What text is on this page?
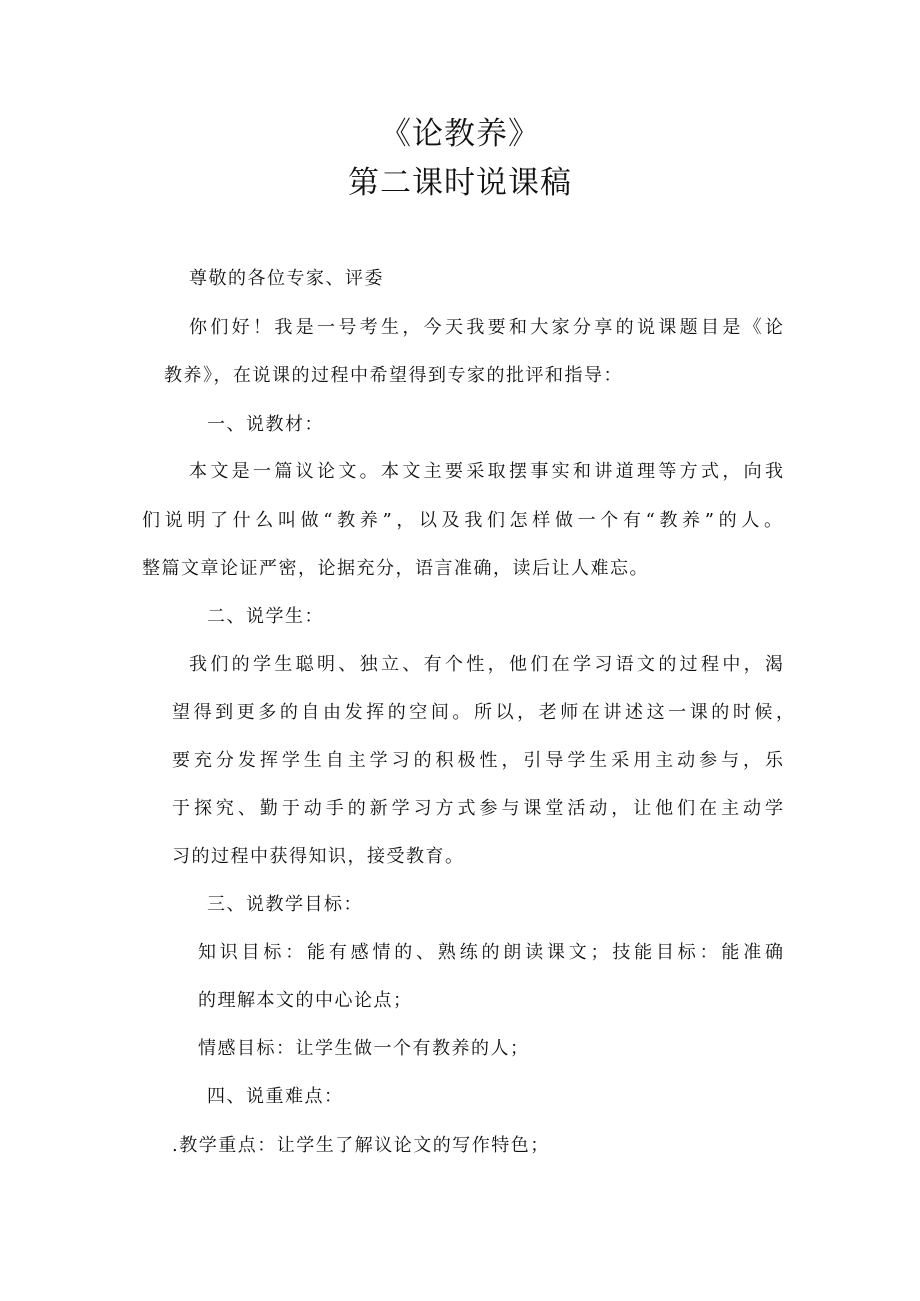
《论教养》
第二课时说课稿

尊敬的各位专家、评委

你们好！我是一号考生，今天我要和大家分享的说课题目是《论

教养》，在说课的过程中希望得到专家的批评和指导：

一、说教材：

本文是一篇议论文。本文主要采取摆事实和讲道理等方式，向我

们说明了什么叫做“教养”，以及我们怎样做一个有“教养”的人。

整篇文章论证严密，论据充分，语言准确，读后让人难忘。

二、说学生：

我们的学生聪明、独立、有个性，他们在学习语文的过程中，渴

望得到更多的自由发挥的空间。所以，老师在讲述这一课的时候，

要充分发挥学生自主学习的积极性，引导学生采用主动参与，乐

于探究、勤于动手的新学习方式参与课堂活动，让他们在主动学

习的过程中获得知识，接受教育。

三、说教学目标：

知识目标：能有感情的、熟练的朗读课文；技能目标：能准确

的理解本文的中心论点；

情感目标：让学生做一个有教养的人；

四、说重难点：

.教学重点：让学生了解议论文的写作特色；
